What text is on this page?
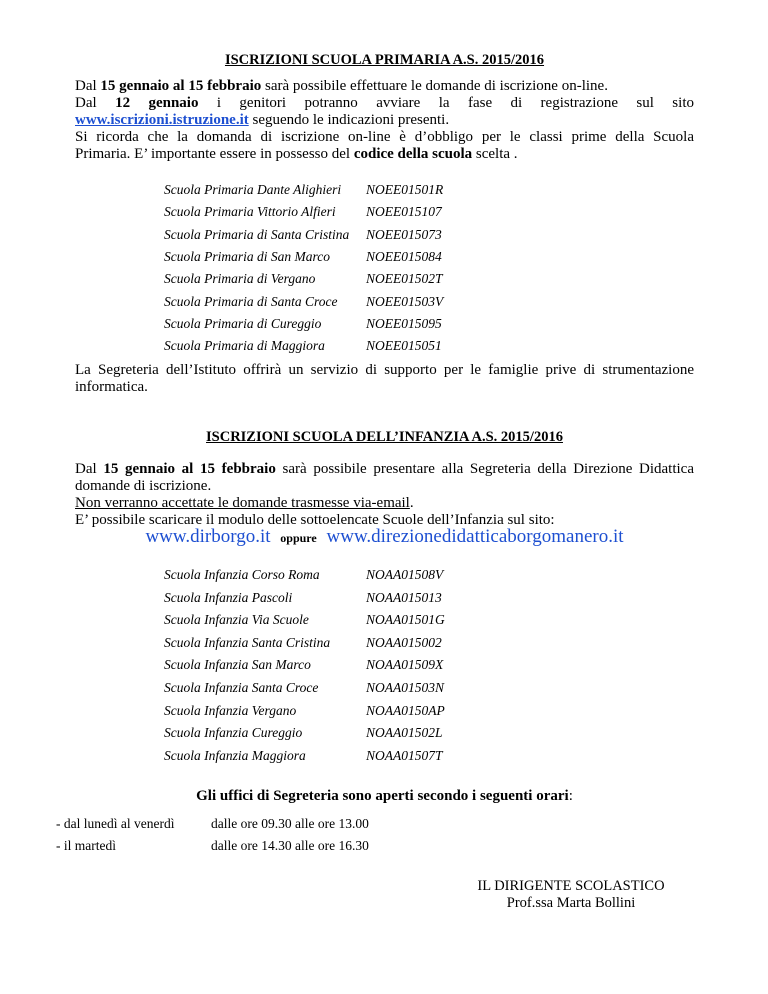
ISCRIZIONI SCUOLA PRIMARIA A.S. 2015/2016

Dal 15 gennaio al 15 febbraio sarà possibile effettuare le domande di iscrizione on-line.
Dal 12 gennaio i genitori potranno avviare la fase di registrazione sul sito
www.iscrizioni.istruzione.it seguendo le indicazioni presenti.
Si ricorda che la domanda di iscrizione on-line è d’obbligo per le classi prime della Scuola
Primaria. E’ importante essere in possesso del codice della scuola scelta .
Scuola Primaria Dante Alighieri NOEE01501R
Scuola Primaria Vittorio Alfieri NOEE015107
Scuola Primaria di Santa Cristina NOEE015073
Scuola Primaria di San Marco	NOEE015084
Scuola Primaria di Vergano	NOEE01502T
Scuola Primaria di Santa Croce NOEE01503V
Scuola Primaria di Cureggio	NOEE015095
Scuola Primaria di Maggiora	NOEE015051
La Segreteria dell’Istituto offrirà un servizio di supporto per le famiglie prive di strumentazione
informatica.

ISCRIZIONI SCUOLA DELL’INFANZIA A.S. 2015/2016

Dal 15 gennaio al 15 febbraio sarà possibile presentare alla Segreteria della Direzione Didattica
domande di iscrizione.
Non verranno accettate le domande trasmesse via-email.
E’ possibile scaricare il modulo delle sottoelencate Scuole dell’Infanzia sul sito:
www.dirborgo.it oppure www.direzionedidatticaborgomanero.it
Scuola Infanzia Corso Roma	NOAA01508V
Scuola Infanzia Pascoli	NOAA015013
Scuola Infanzia Via Scuole	NOAA01501G
Scuola Infanzia Santa Cristina	NOAA015002
Scuola Infanzia San Marco	NOAA01509X
Scuola Infanzia Santa Croce	NOAA01503N
Scuola Infanzia Vergano	NOAA0150AP
Scuola Infanzia Cureggio	NOAA01502L
Scuola Infanzia Maggiora	NOAA01507T
Gli uffici di Segreteria sono aperti secondo i seguenti orari:
- dal lunedì al venerdì	dalle ore 09.30 alle ore 13.00
- il martedì	dalle ore 14.30 alle ore 16.30
IL DIRIGENTE SCOLASTICO
Prof.ssa Marta Bollini
